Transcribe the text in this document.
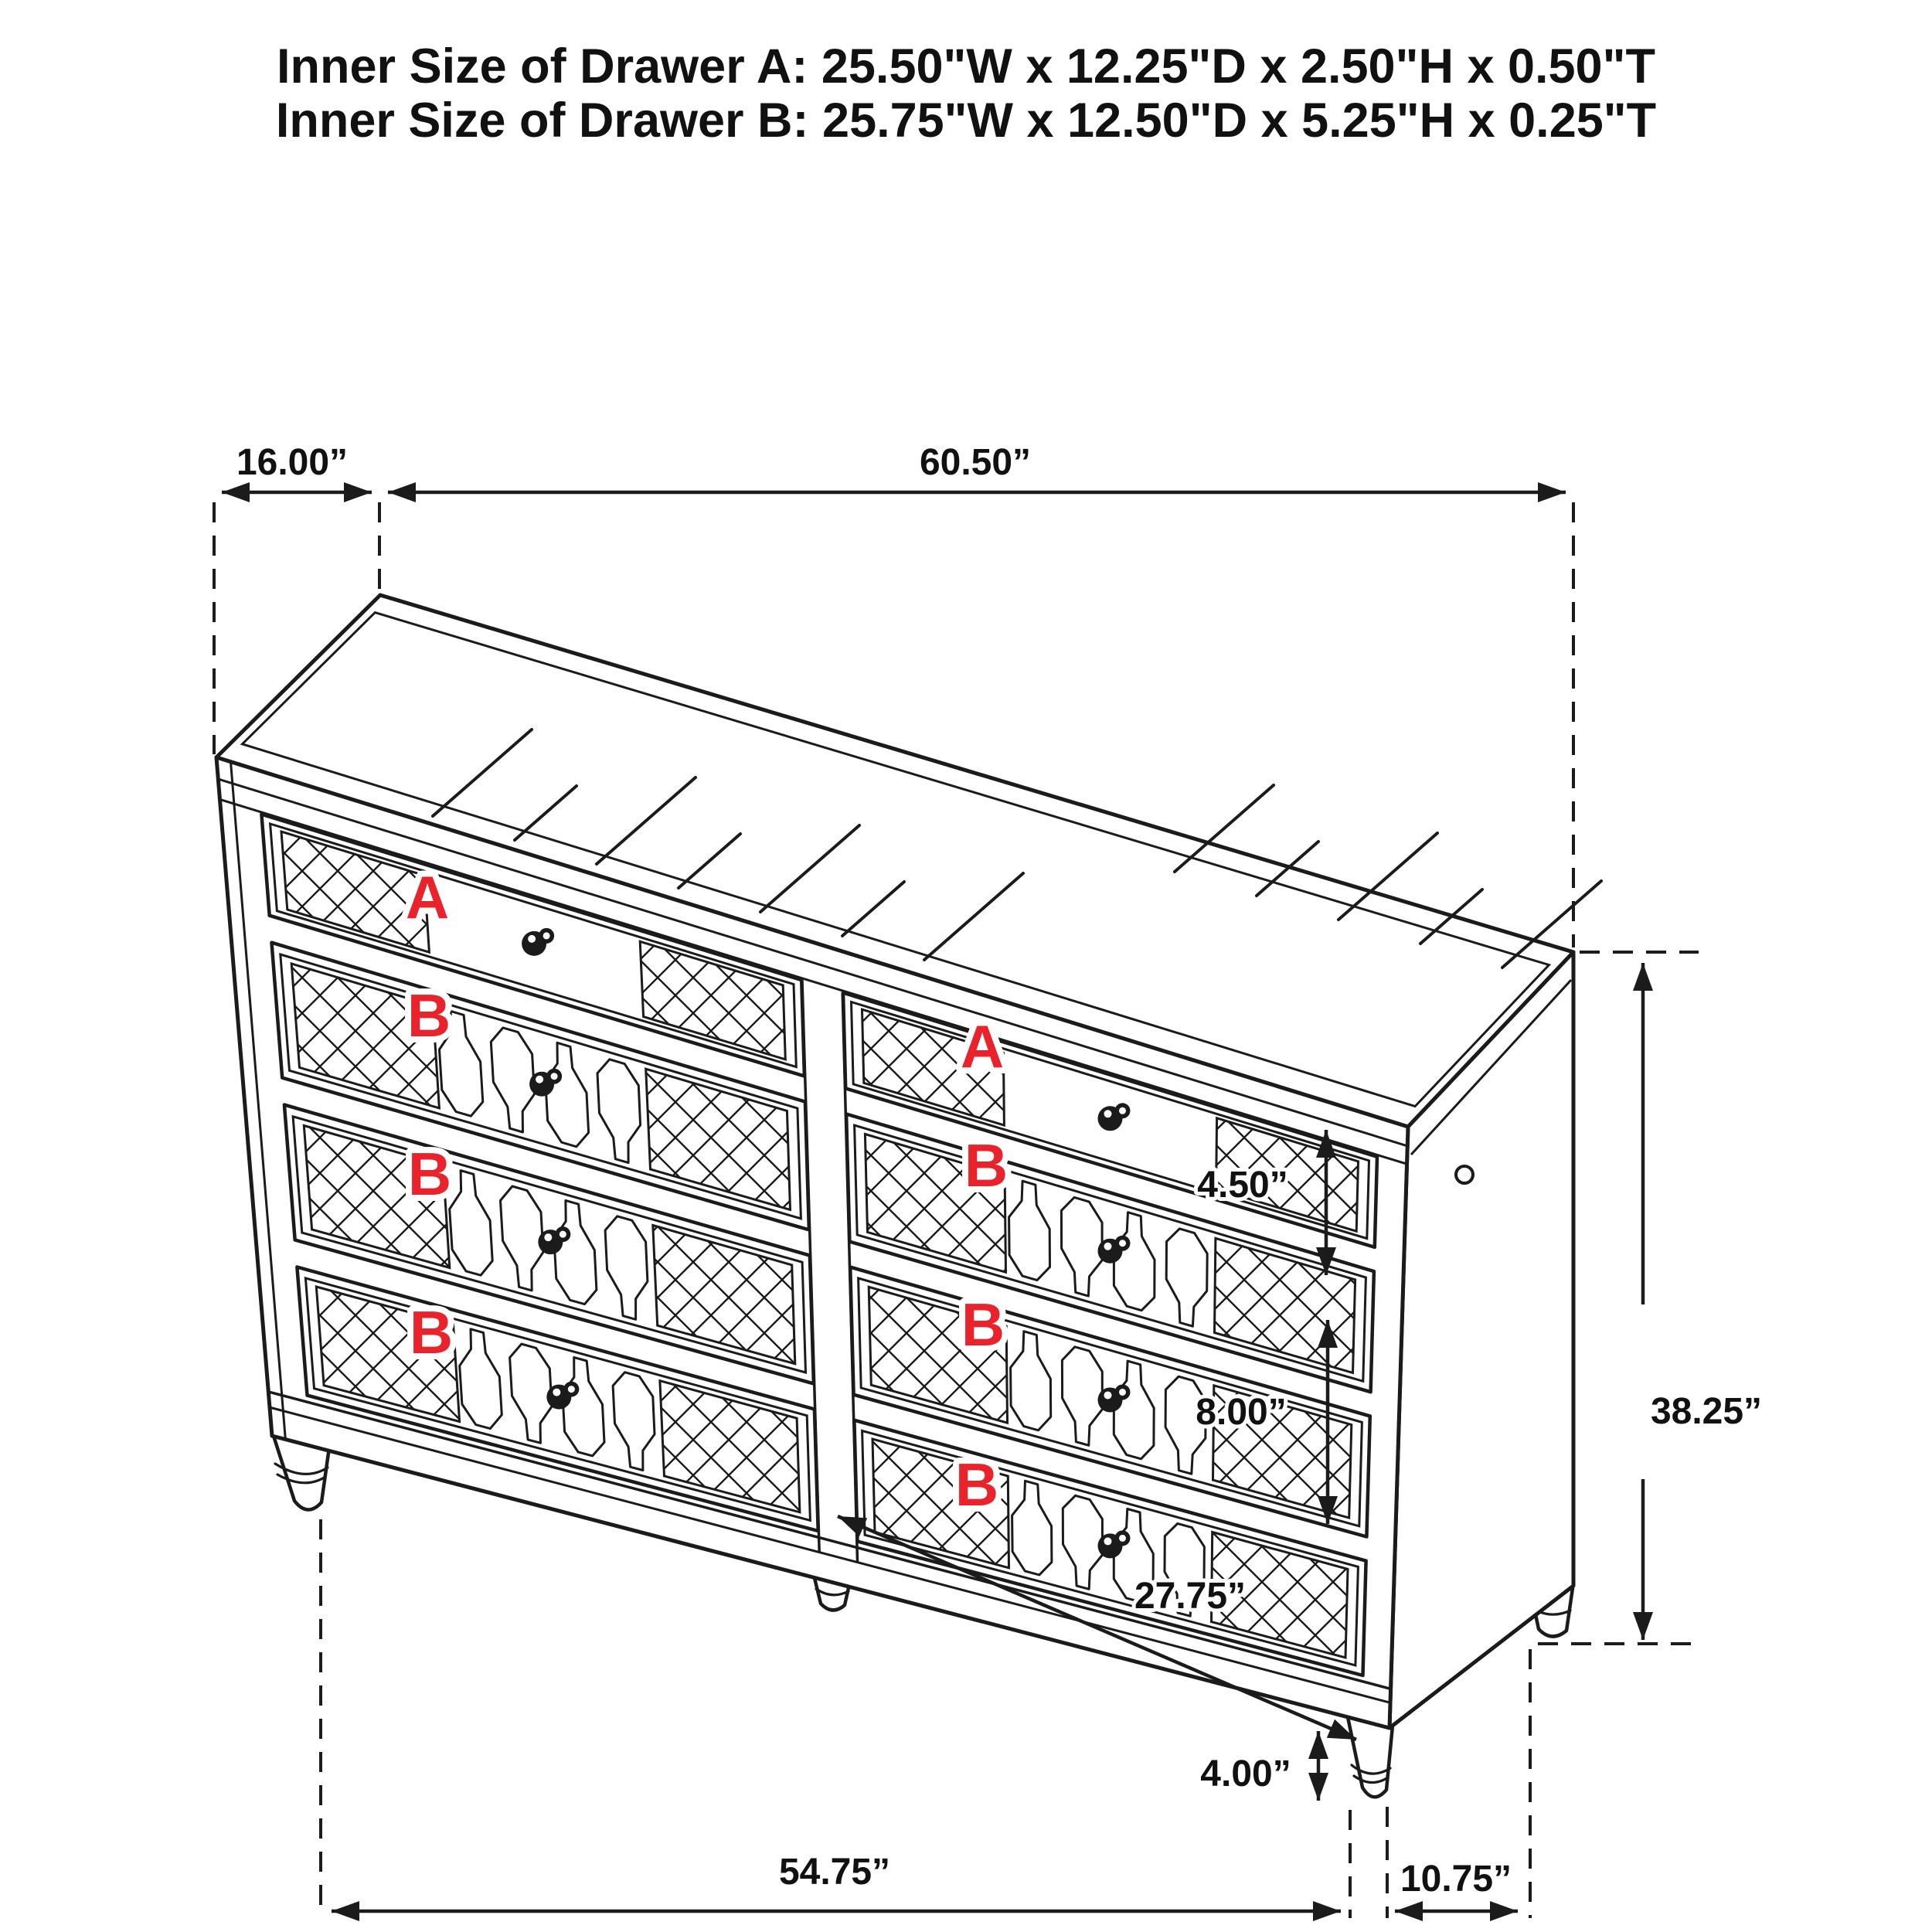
Inner Size of Drawer A: 25.50"W x 12.25"D x 2.50"H x 0.50"T
Inner Size of Drawer B: 25.75"W x 12.50"D x 5.25"H x 0.25"T
16.00”	60.50”
4.50”
8.00”	38.25”
27.75”
4.00”
54.75”	10.75”
A
B
B
B
A
B
B
B
